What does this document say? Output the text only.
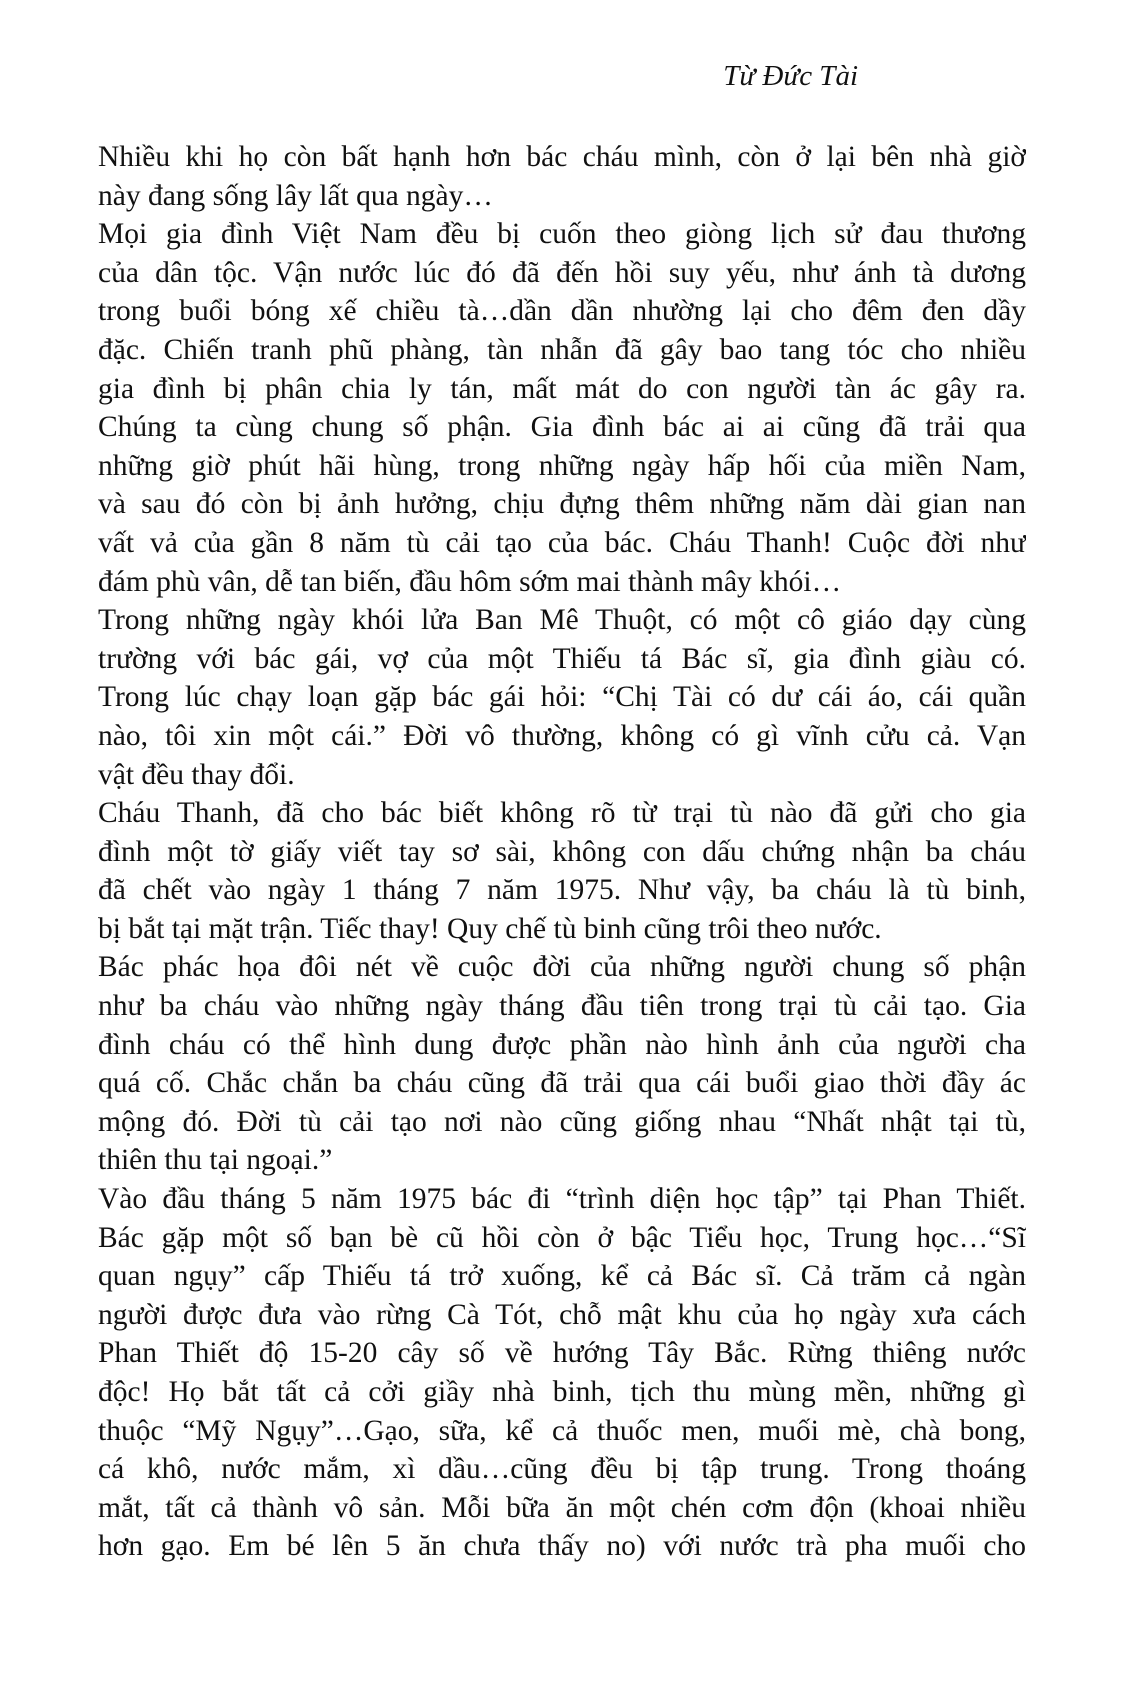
Từ Đức Tài
Nhiều khi họ còn bất hạnh hơn bác cháu mình, còn ở lại bên nhà giờ
này đang sống lây lất qua ngày…
Mọi gia đình Việt Nam đều bị cuốn theo giòng lịch sử đau thương
của dân tộc. Vận nước lúc đó đã đến hồi suy yếu, như ánh tà dương
trong buổi bóng xế chiều tà…dần dần nhường lại cho đêm đen dầy
đặc. Chiến tranh phũ phàng, tàn nhẫn đã gây bao tang tóc cho nhiều
gia đình bị phân chia ly tán, mất mát do con người tàn ác gây ra.
Chúng ta cùng chung số phận. Gia đình bác ai ai cũng đã trải qua
những giờ phút hãi hùng, trong những ngày hấp hối của miền Nam,
và sau đó còn bị ảnh hưởng, chịu đựng thêm những năm dài gian nan
vất vả của gần 8 năm tù cải tạo của bác. Cháu Thanh! Cuộc đời như
đám phù vân, dễ tan biến, đầu hôm sớm mai thành mây khói…
Trong những ngày khói lửa Ban Mê Thuột, có một cô giáo dạy cùng
trường với bác gái, vợ của một Thiếu tá Bác sĩ, gia đình giàu có.
Trong lúc chạy loạn gặp bác gái hỏi: “Chị Tài có dư cái áo, cái quần
nào, tôi xin một cái.” Đời vô thường, không có gì vĩnh cửu cả. Vạn
vật đều thay đổi.
Cháu Thanh, đã cho bác biết không rõ từ trại tù nào đã gửi cho gia
đình một tờ giấy viết tay sơ sài, không con dấu chứng nhận ba cháu
đã chết vào ngày 1 tháng 7 năm 1975. Như vậy, ba cháu là tù binh,
bị bắt tại mặt trận. Tiếc thay! Quy chế tù binh cũng trôi theo nước.
Bác phác họa đôi nét về cuộc đời của những người chung số phận
như ba cháu vào những ngày tháng đầu tiên trong trại tù cải tạo. Gia
đình cháu có thể hình dung được phần nào hình ảnh của người cha
quá cố. Chắc chắn ba cháu cũng đã trải qua cái buổi giao thời đầy ác
mộng đó. Đời tù cải tạo nơi nào cũng giống nhau “Nhất nhật tại tù,
thiên thu tại ngoại.”
Vào đầu tháng 5 năm 1975 bác đi “trình diện học tập” tại Phan Thiết.
Bác gặp một số bạn bè cũ hồi còn ở bậc Tiểu học, Trung học…“Sĩ
quan ngụy” cấp Thiếu tá trở xuống, kể cả Bác sĩ. Cả trăm cả ngàn
người được đưa vào rừng Cà Tót, chỗ mật khu của họ ngày xưa cách
Phan Thiết độ 15-20 cây số về hướng Tây Bắc. Rừng thiêng nước
độc! Họ bắt tất cả cởi giầy nhà binh, tịch thu mùng mền, những gì
thuộc “Mỹ Ngụy”…Gạo, sữa, kể cả thuốc men, muối mè, chà bong,
cá khô, nước mắm, xì dầu…cũng đều bị tập trung. Trong thoáng
mắt, tất cả thành vô sản. Mỗi bữa ăn một chén cơm độn (khoai nhiều
hơn gạo. Em bé lên 5 ăn chưa thấy no) với nước trà pha muối cho
